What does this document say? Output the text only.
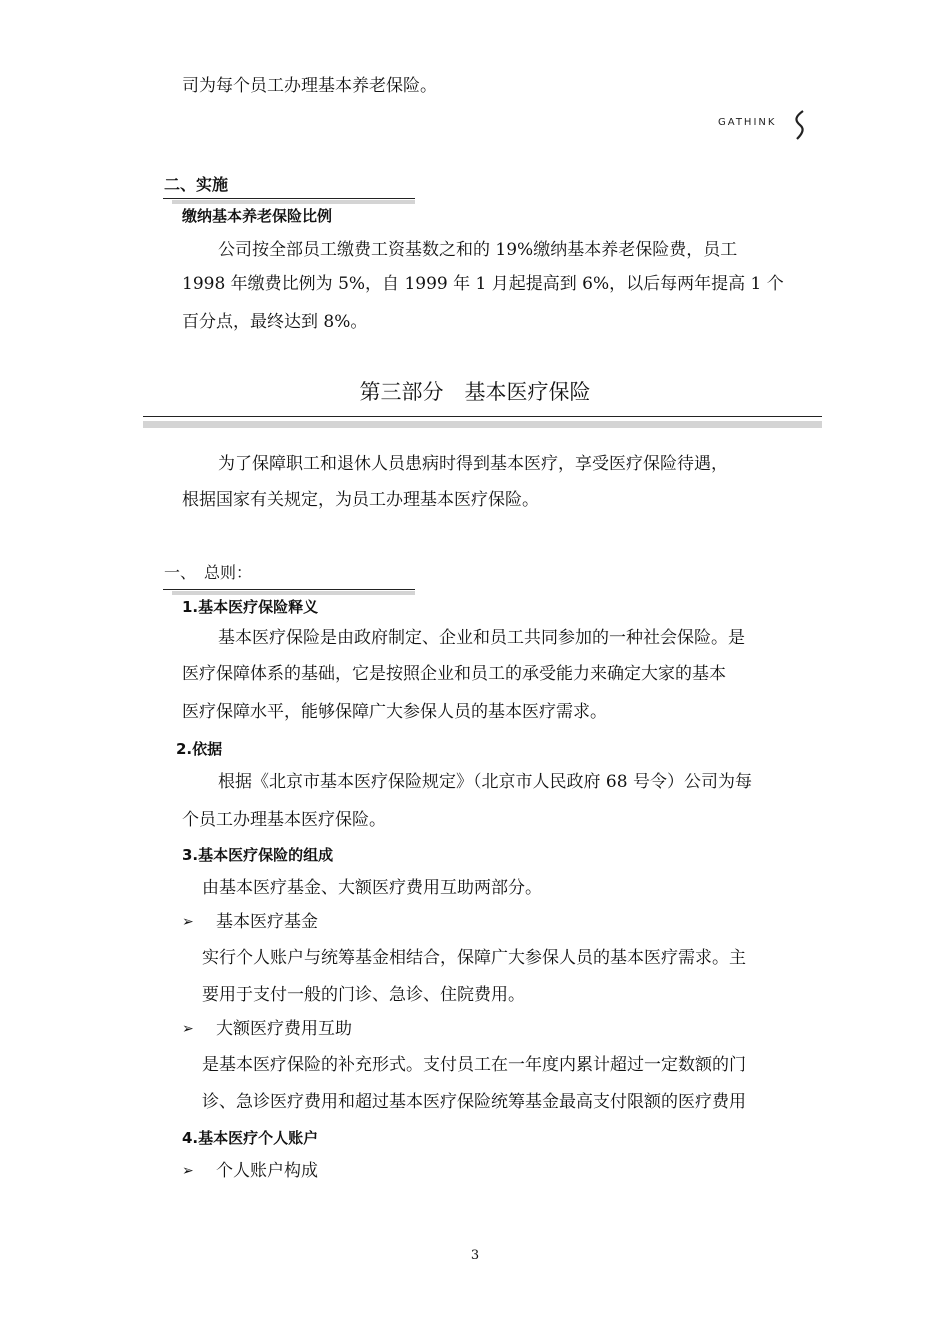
司为每个员工办理基本养老保险。
GATHINK
二、实施
缴纳基本养老保险比例
公司按全部员工缴费工资基数之和的 19%缴纳基本养老保险费，员工
1998 年缴费比例为 5%，自 1999 年 1 月起提高到 6%，以后每两年提高 1 个
百分点，最终达到 8%。
第三部分　基本医疗保险
为了保障职工和退休人员患病时得到基本医疗，享受医疗保险待遇，
根据国家有关规定，为员工办理基本医疗保险。
一、　总则：
1.基本医疗保险释义
基本医疗保险是由政府制定、企业和员工共同参加的一种社会保险。是
医疗保障体系的基础，它是按照企业和员工的承受能力来确定大家的基本
医疗保障水平，能够保障广大参保人员的基本医疗需求。
2.依据
根据《北京市基本医疗保险规定》（北京市人民政府 68 号令）公司为每
个员工办理基本医疗保险。
3.基本医疗保险的组成
由基本医疗基金、大额医疗费用互助两部分。
➢ 基本医疗基金
实行个人账户与统筹基金相结合，保障广大参保人员的基本医疗需求。主
要用于支付一般的门诊、急诊、住院费用。
➢ 大额医疗费用互助
是基本医疗保险的补充形式。支付员工在一年度内累计超过一定数额的门
诊、急诊医疗费用和超过基本医疗保险统筹基金最高支付限额的医疗费用
4.基本医疗个人账户
➢ 个人账户构成
3
